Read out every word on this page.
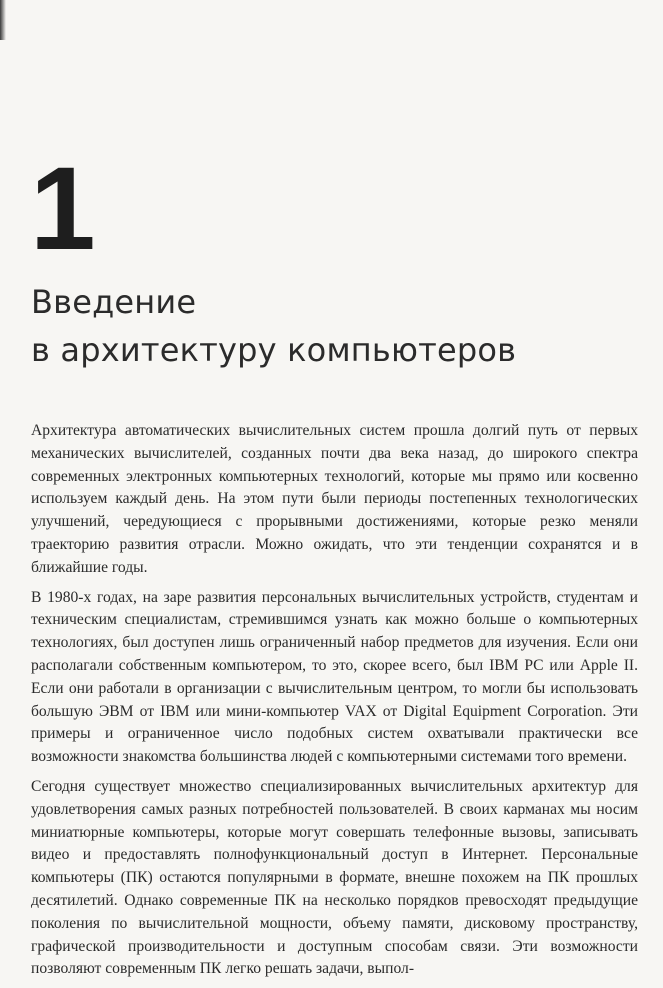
1
Введение
в архитектуру компьютеров

Архитектура автоматических вычислительных систем прошла долгий путь от первых механических вычислителей, созданных почти два века назад, до широкого спектра современных электронных компьютерных технологий, которые мы прямо или косвенно используем каждый день. На этом пути были периоды постепенных технологических улучшений, чередующиеся с прорывными достижениями, которые резко меняли траекторию развития отрасли. Можно ожидать, что эти тенденции сохранятся и в ближайшие годы.

В 1980-х годах, на заре развития персональных вычислительных устройств, студентам и техническим специалистам, стремившимся узнать как можно больше о компьютерных технологиях, был доступен лишь ограниченный набор предметов для изучения. Если они располагали собственным компьютером, то это, скорее всего, был IBM PC или Apple II. Если они работали в организации с вычислительным центром, то могли бы использовать большую ЭВМ от IBM или мини-компьютер VAX от Digital Equipment Corporation. Эти примеры и ограниченное число подобных систем охватывали практически все возможности знакомства большинства людей с компьютерными системами того времени.

Сегодня существует множество специализированных вычислительных архитектур для удовлетворения самых разных потребностей пользователей. В своих карманах мы носим миниатюрные компьютеры, которые могут совершать телефонные вызовы, записывать видео и предоставлять полнофункциональный доступ в Интернет. Персональные компьютеры (ПК) остаются популярными в формате, внешне похожем на ПК прошлых десятилетий. Однако современные ПК на несколько порядков превосходят предыдущие поколения по вычислительной мощности, объему памяти, дисковому пространству, графической производительности и доступным способам связи. Эти возможности позволяют современным ПК легко решать задачи, выпол-
